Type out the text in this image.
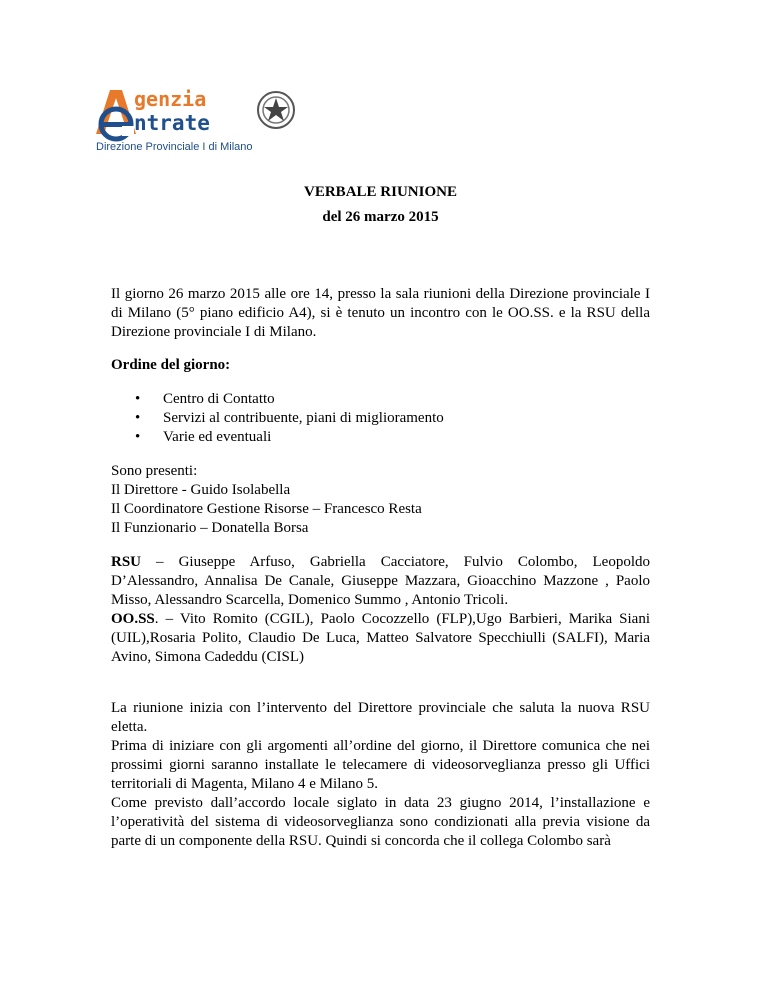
genzia
ntrate
Direzione Provinciale I di Milano

VERBALE RIUNIONE

del 26 marzo 2015

Il giorno 26 marzo 2015 alle ore 14, presso la sala riunioni della Direzione provinciale I di Milano (5° piano edificio A4), si è tenuto un incontro con le OO.SS. e la RSU della Direzione provinciale I di Milano.

Ordine del giorno:

• Centro di Contatto
• Servizi al contribuente, piani di miglioramento
• Varie ed eventuali
Sono presenti:
Il Direttore - Guido Isolabella
Il Coordinatore Gestione Risorse – Francesco Resta
Il Funzionario – Donatella Borsa

RSU – Giuseppe Arfuso, Gabriella Cacciatore, Fulvio Colombo, Leopoldo D’Alessandro, Annalisa De Canale, Giuseppe Mazzara, Gioacchino Mazzone , Paolo Misso, Alessandro Scarcella, Domenico Summo , Antonio Tricoli.

OO.SS. – Vito Romito (CGIL), Paolo Cocozzello (FLP),Ugo Barbieri, Marika Siani (UIL),Rosaria Polito, Claudio De Luca, Matteo Salvatore Specchiulli (SALFI), Maria Avino, Simona Cadeddu (CISL)

La riunione inizia con l’intervento del Direttore provinciale che saluta la nuova RSU eletta.

Prima di iniziare con gli argomenti all’ordine del giorno, il Direttore comunica che nei prossimi giorni saranno installate le telecamere di videosorveglianza presso gli Uffici territoriali di Magenta, Milano 4 e Milano 5.

Come previsto dall’accordo locale siglato in data 23 giugno 2014, l’installazione e l’operatività del sistema di videosorveglianza sono condizionati alla previa visione da parte di un componente della RSU. Quindi si concorda che il collega Colombo sarà
